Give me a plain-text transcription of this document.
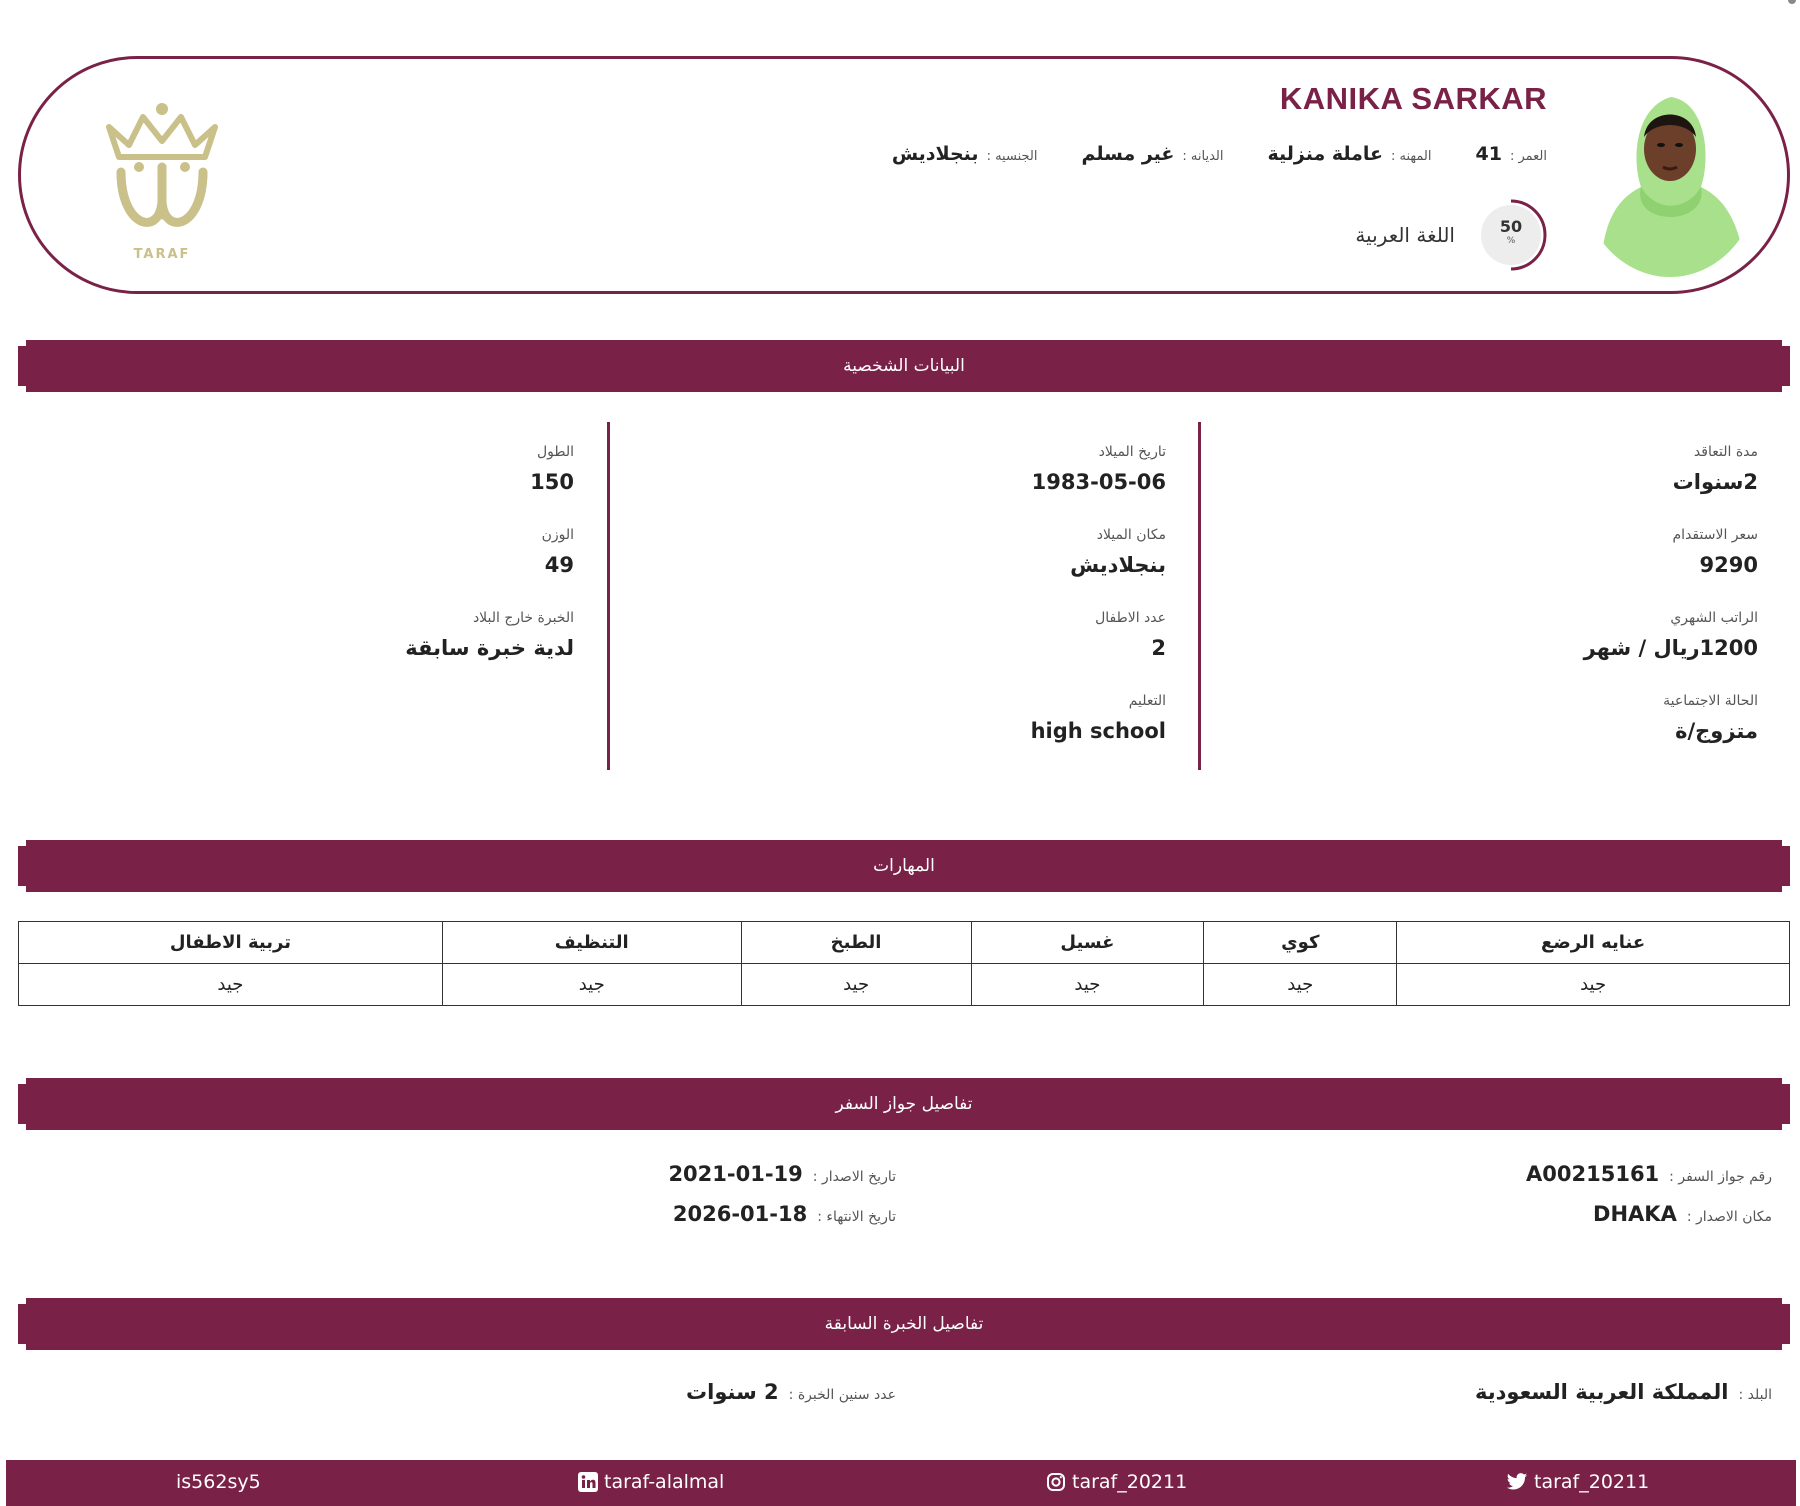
KANIKA SARKAR
الجنسيه :
بنجلاديش	الديانه :
غير مسلم	المهنه :
عاملة منزلية	العمر :
41
50
%
اللغة العربية
TARAF
البيانات الشخصية
مدة التعاقد
2سنوات
سعر الاستقدام
9290
الراتب الشهري
1200ريال / شهر
الحالة الاجتماعية
متزوج/ة
تاريخ الميلاد
1983-05-06
مكان الميلاد
بنجلاديش
عدد الاطفال
2
التعليم
high school
الطول
150
الوزن
49
الخبرة خارج البلاد
لدية خبرة سابقة
المهارات
عنايه الرضع	كوي	غسيل	الطبخ	التنظيف	تربية الاطفال
جيد	جيد	جيد	جيد	جيد	جيد
تفاصيل جواز السفر
رقم جواز السفر :
A00215161
مكان الاصدار :
DHAKA
تاريخ الاصدار :
2021-01-19
تاريخ الانتهاء :
2026-01-18
تفاصيل الخبرة السابقة
البلد :
المملكة العربية السعودية
عدد سنين الخبرة :
2 سنوات
is562sy5	taraf-alalmal	taraf_20211	taraf_20211
